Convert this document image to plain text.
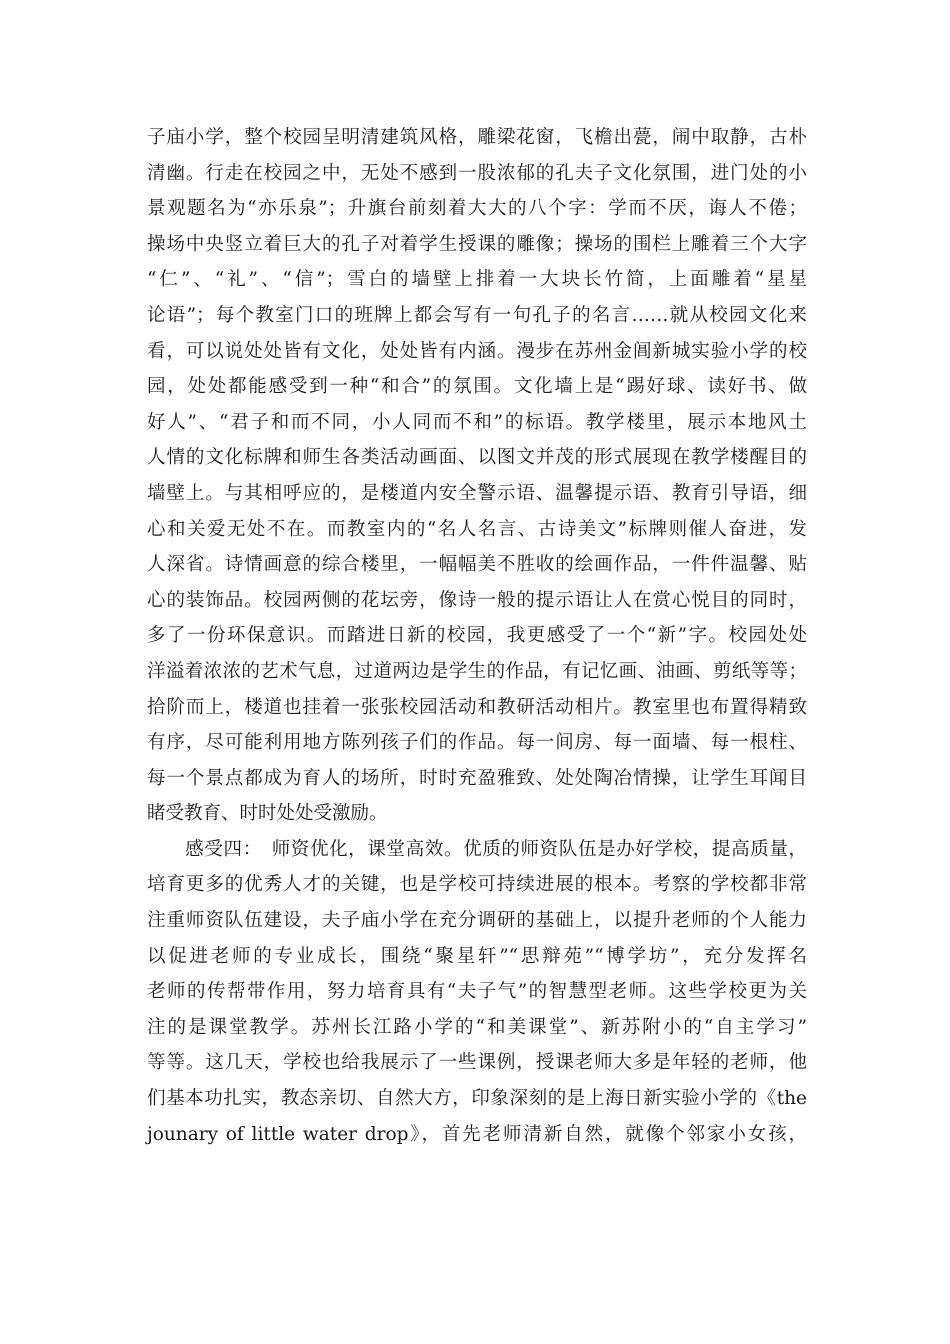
子庙小学，整个校园呈明清建筑风格，雕梁花窗，飞檐出甍，闹中取静，古朴
清幽。行走在校园之中，无处不感到一股浓郁的孔夫子文化氛围，进门处的小
景观题名为“亦乐泉”；升旗台前刻着大大的八个字：学而不厌，诲人不倦；
操场中央竖立着巨大的孔子对着学生授课的雕像；操场的围栏上雕着三个大字
“仁”、“礼”、“信”；雪白的墙壁上排着一大块长竹简，上面雕着“星星
论语”；每个教室门口的班牌上都会写有一句孔子的名言……就从校园文化来
看，可以说处处皆有文化，处处皆有内涵。漫步在苏州金阊新城实验小学的校
园，处处都能感受到一种“和合”的氛围。文化墙上是“踢好球、读好书、做
好人”、“君子和而不同，小人同而不和”的标语。教学楼里，展示本地风土
人情的文化标牌和师生各类活动画面、以图文并茂的形式展现在教学楼醒目的
墙壁上。与其相呼应的，是楼道内安全警示语、温馨提示语、教育引导语，细
心和关爱无处不在。而教室内的“名人名言、古诗美文”标牌则催人奋进，发
人深省。诗情画意的综合楼里，一幅幅美不胜收的绘画作品，一件件温馨、贴
心的装饰品。校园两侧的花坛旁，像诗一般的提示语让人在赏心悦目的同时，
多了一份环保意识。而踏进日新的校园，我更感受了一个“新”字。校园处处
洋溢着浓浓的艺术气息，过道两边是学生的作品，有记忆画、油画、剪纸等等；
拾阶而上，楼道也挂着一张张校园活动和教研活动相片。教室里也布置得精致
有序，尽可能利用地方陈列孩子们的作品。每一间房、每一面墙、每一根柱、
每一个景点都成为育人的场所，时时充盈雅致、处处陶冶情操，让学生耳闻目
睹受教育、时时处处受激励。
　　感受四：　师资优化，课堂高效。优质的师资队伍是办好学校，提高质量，
培育更多的优秀人才的关键，也是学校可持续进展的根本。考察的学校都非常
注重师资队伍建设，夫子庙小学在充分调研的基础上，以提升老师的个人能力
以促进老师的专业成长，围绕“聚星轩”“思辩苑”“博学坊”，充分发挥名
老师的传帮带作用，努力培育具有“夫子气”的智慧型老师。这些学校更为关
注的是课堂教学。苏州长江路小学的“和美课堂”、新苏附小的“自主学习”
等等。这几天，学校也给我展示了一些课例，授课老师大多是年轻的老师，他
们基本功扎实，教态亲切、自然大方，印象深刻的是上海日新实验小学的《the
jounary of little water drop》，首先老师清新自然，就像个邻家小女孩，
